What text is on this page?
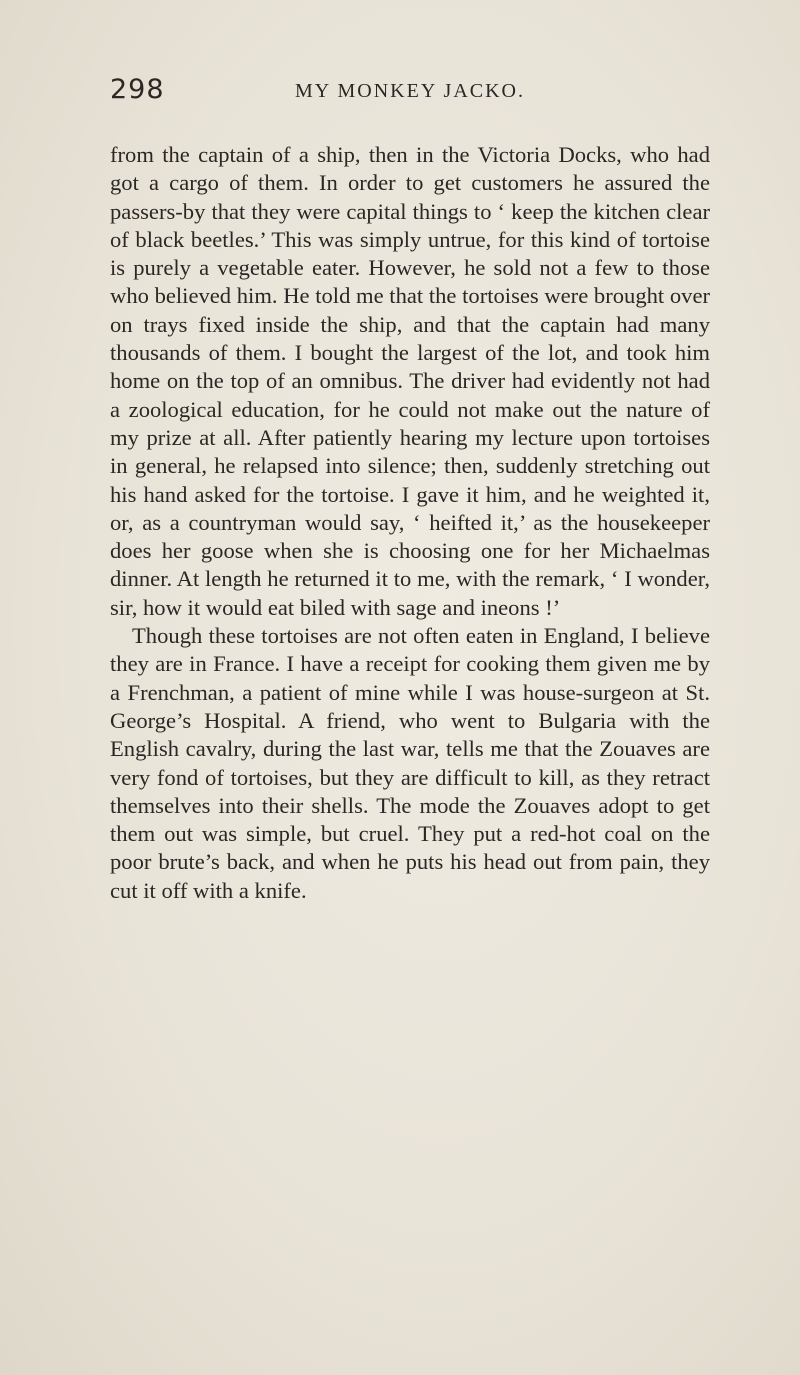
298	MY MONKEY JACKO.

from the captain of a ship, then in the Victoria Docks, who had got a cargo of them. In order to get customers he assured the passers-by that they were capital things to ‘ keep the kitchen clear of black beetles.’ This was simply untrue, for this kind of tortoise is purely a vegetable eater. However, he sold not a few to those who believed him. He told me that the tortoises were brought over on trays fixed inside the ship, and that the captain had many thousands of them. I bought the largest of the lot, and took him home on the top of an omnibus. The driver had evidently not had a zoological education, for he could not make out the nature of my prize at all. After patiently hearing my lecture upon tortoises in general, he relapsed into silence; then, suddenly stretching out his hand asked for the tortoise. I gave it him, and he weighted it, or, as a countryman would say, ‘ heifted it,’ as the housekeeper does her goose when she is choosing one for her Michaelmas dinner. At length he returned it to me, with the remark, ‘ I wonder, sir, how it would eat biled with sage and ineons !’

Though these tortoises are not often eaten in England, I believe they are in France. I have a receipt for cooking them given me by a Frenchman, a patient of mine while I was house-surgeon at St. George’s Hospital. A friend, who went to Bulgaria with the English cavalry, during the last war, tells me that the Zouaves are very fond of tortoises, but they are difficult to kill, as they retract themselves into their shells. The mode the Zouaves adopt to get them out was simple, but cruel. They put a red-hot coal on the poor brute’s back, and when he puts his head out from pain, they cut it off with a knife.
